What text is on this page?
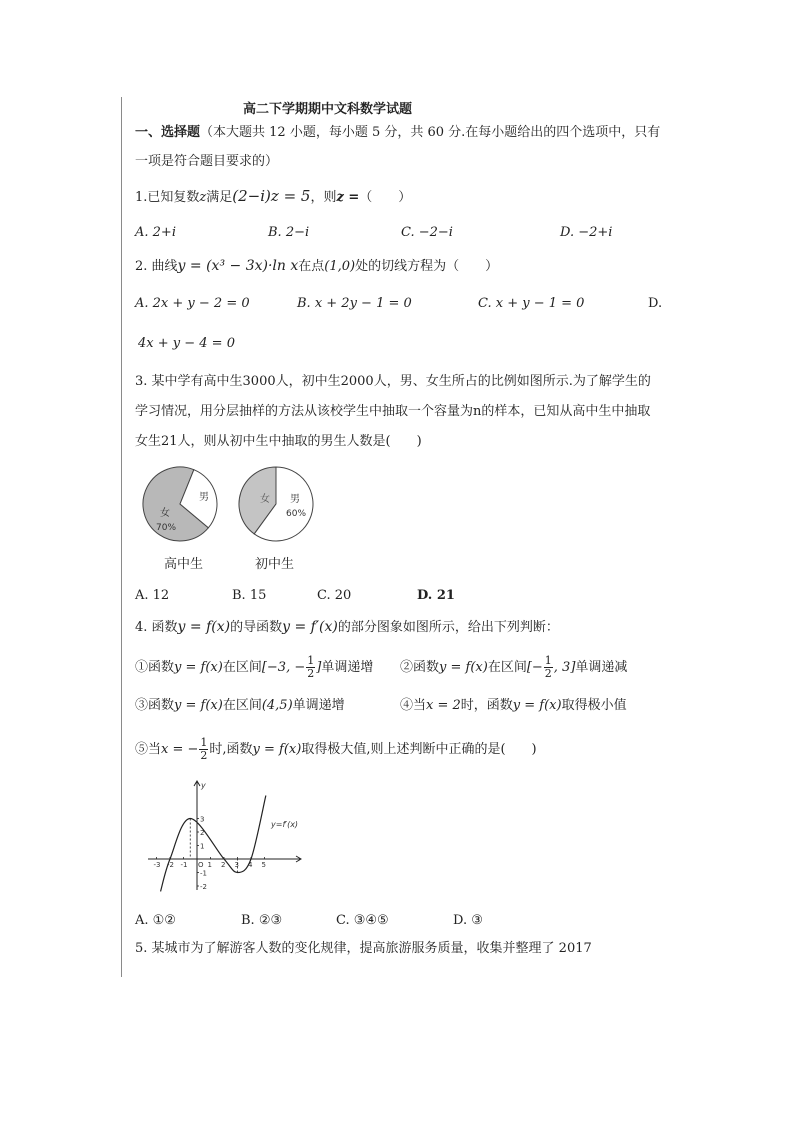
高二下学期期中文科数学试题
一、选择题（本大题共 12 小题，每小题 5 分，共 60 分.在每小题给出的四个选项中，只有
一项是符合题目要求的）
1.已知复数z满足(2−i)z = 5，则z =（　　）
A. 2+i	B. 2−i	C. −2−i	D. −2+i
2. 曲线y = (x³ − 3x)·ln x在点(1,0)处的切线方程为（　　）
A. 2x + y − 2 = 0	B. x + 2y − 1 = 0	C. x + y − 1 = 0	D.
4x + y − 4 = 0
3. 某中学有高中生3000人，初中生2000人，男、女生所占的比例如图所示.为了解学生的
学习情况，用分层抽样的方法从该校学生中抽取一个容量为n的样本，已知从高中生中抽取
女生21人，则从初中生中抽取的男生人数是(　　)
女
70%
男	女 男
60%
高中生	初中生
A. 12	B. 15	C. 20	D. 21
4. 函数y = f(x)的导函数y = f′(x)的部分图象如图所示，给出下列判断：
①函数y = f(x)在区间[−3, − $\frac{1}{2}$ ]单调递增 ②函数y = f(x)在区间[− $\frac{1}{2}$ , 3]单调递减
③函数y = f(x)在区间(4,5)单调递增	④当x = 2时，函数y = f(x)取得极小值
⑤当x = − $\frac{1}{2}$ 时,函数y = f(x)取得极大值,则上述判断中正确的是(　　)
y
-3 -2 -1 O 1 2 3 4 5
-2
-1
1
2
3
y=f′(x)
A. ①②	B. ②③	C. ③④⑤	D. ③
5. 某城市为了解游客人数的变化规律，提高旅游服务质量，收集并整理了 2017
